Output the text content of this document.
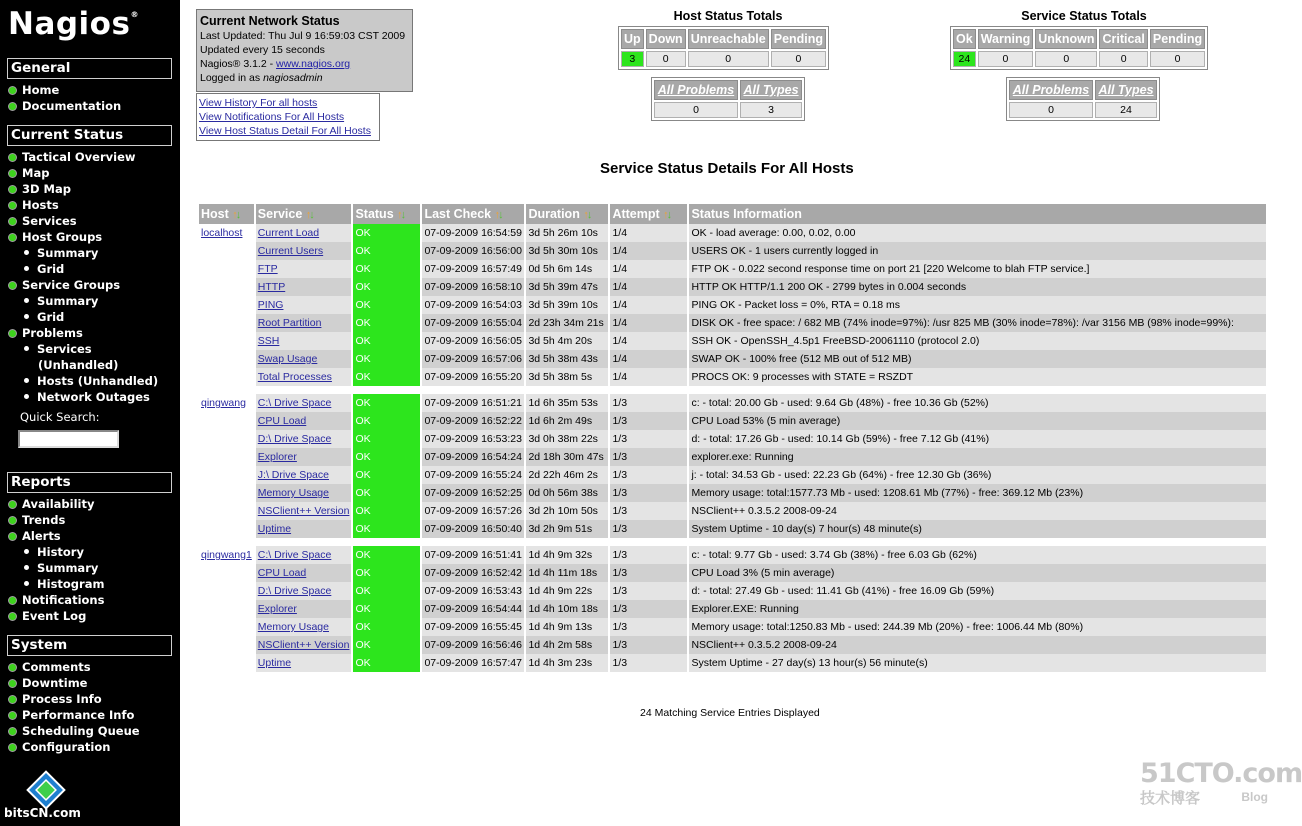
Nagios®
General
Home
Documentation
Current Status
Tactical Overview
Map
3D Map
Hosts
Services
Host Groups
Summary
Grid
Service Groups
Summary
Grid
Problems
Services
(Unhandled)
Hosts (Unhandled)
Network Outages
Quick Search:
Reports
Availability
Trends
Alerts
History
Summary
Histogram
Notifications
Event Log
System
Comments
Downtime
Process Info
Performance Info
Scheduling Queue
Configuration
bitsCN.com
Current Network Status
Last Updated: Thu Jul 9 16:59:03 CST 2009
Updated every 15 seconds
Nagios® 3.1.2 - www.nagios.org
Logged in as nagiosadmin
View History For all hosts
View Notifications For All Hosts
View Host Status Detail For All Hosts
Host Status Totals
Up	Down	Unreachable	Pending
3	0	0	0
All Problems	All Types
0	3
Service Status Totals
Ok	Warning	Unknown	Critical	Pending
24	0	0	0	0
All Problems	All Types
0	24
Service Status Details For All Hosts
Host ↑↓	Service ↑↓	Status ↑↓	Last Check ↑↓	Duration ↑↓	Attempt ↑↓	Status Information
localhost	Current Load	OK	07-09-2009 16:54:59	3d 5h 26m 10s	1/4	OK - load average: 0.00, 0.02, 0.00
	Current Users	OK	07-09-2009 16:56:00	3d 5h 30m 10s	1/4	USERS OK - 1 users currently logged in
	FTP	OK	07-09-2009 16:57:49	0d 5h 6m 14s	1/4	FTP OK - 0.022 second response time on port 21 [220 Welcome to blah FTP service.]
	HTTP	OK	07-09-2009 16:58:10	3d 5h 39m 47s	1/4	HTTP OK HTTP/1.1 200 OK - 2799 bytes in 0.004 seconds
	PING	OK	07-09-2009 16:54:03	3d 5h 39m 10s	1/4	PING OK - Packet loss = 0%, RTA = 0.18 ms
	Root Partition	OK	07-09-2009 16:55:04	2d 23h 34m 21s	1/4	DISK OK - free space: / 682 MB (74% inode=97%): /usr 825 MB (30% inode=78%): /var 3156 MB (98% inode=99%):
	SSH	OK	07-09-2009 16:56:05	3d 5h 4m 20s	1/4	SSH OK - OpenSSH_4.5p1 FreeBSD-20061110 (protocol 2.0)
	Swap Usage	OK	07-09-2009 16:57:06	3d 5h 38m 43s	1/4	SWAP OK - 100% free (512 MB out of 512 MB)
	Total Processes	OK	07-09-2009 16:55:20	3d 5h 38m 5s	1/4	PROCS OK: 9 processes with STATE = RSZDT

qingwang	C:\ Drive Space	OK	07-09-2009 16:51:21	1d 6h 35m 53s	1/3	c: - total: 20.00 Gb - used: 9.64 Gb (48%) - free 10.36 Gb (52%)
	CPU Load	OK	07-09-2009 16:52:22	1d 6h 2m 49s	1/3	CPU Load 53% (5 min average)
	D:\ Drive Space	OK	07-09-2009 16:53:23	3d 0h 38m 22s	1/3	d: - total: 17.26 Gb - used: 10.14 Gb (59%) - free 7.12 Gb (41%)
	Explorer	OK	07-09-2009 16:54:24	2d 18h 30m 47s	1/3	explorer.exe: Running
	J:\ Drive Space	OK	07-09-2009 16:55:24	2d 22h 46m 2s	1/3	j: - total: 34.53 Gb - used: 22.23 Gb (64%) - free 12.30 Gb (36%)
	Memory Usage	OK	07-09-2009 16:52:25	0d 0h 56m 38s	1/3	Memory usage: total:1577.73 Mb - used: 1208.61 Mb (77%) - free: 369.12 Mb (23%)
	NSClient++ Version	OK	07-09-2009 16:57:26	3d 2h 10m 50s	1/3	NSClient++ 0.3.5.2 2008-09-24
	Uptime	OK	07-09-2009 16:50:40	3d 2h 9m 51s	1/3	System Uptime - 10 day(s) 7 hour(s) 48 minute(s)

qingwang1	C:\ Drive Space	OK	07-09-2009 16:51:41	1d 4h 9m 32s	1/3	c: - total: 9.77 Gb - used: 3.74 Gb (38%) - free 6.03 Gb (62%)
	CPU Load	OK	07-09-2009 16:52:42	1d 4h 11m 18s	1/3	CPU Load 3% (5 min average)
	D:\ Drive Space	OK	07-09-2009 16:53:43	1d 4h 9m 22s	1/3	d: - total: 27.49 Gb - used: 11.41 Gb (41%) - free 16.09 Gb (59%)
	Explorer	OK	07-09-2009 16:54:44	1d 4h 10m 18s	1/3	Explorer.EXE: Running
	Memory Usage	OK	07-09-2009 16:55:45	1d 4h 9m 13s	1/3	Memory usage: total:1250.83 Mb - used: 244.39 Mb (20%) - free: 1006.44 Mb (80%)
	NSClient++ Version	OK	07-09-2009 16:56:46	1d 4h 2m 58s	1/3	NSClient++ 0.3.5.2 2008-09-24
	Uptime	OK	07-09-2009 16:57:47	1d 4h 3m 23s	1/3	System Uptime - 27 day(s) 13 hour(s) 56 minute(s)
24 Matching Service Entries Displayed
51CTO.com
技术博客	Blog
